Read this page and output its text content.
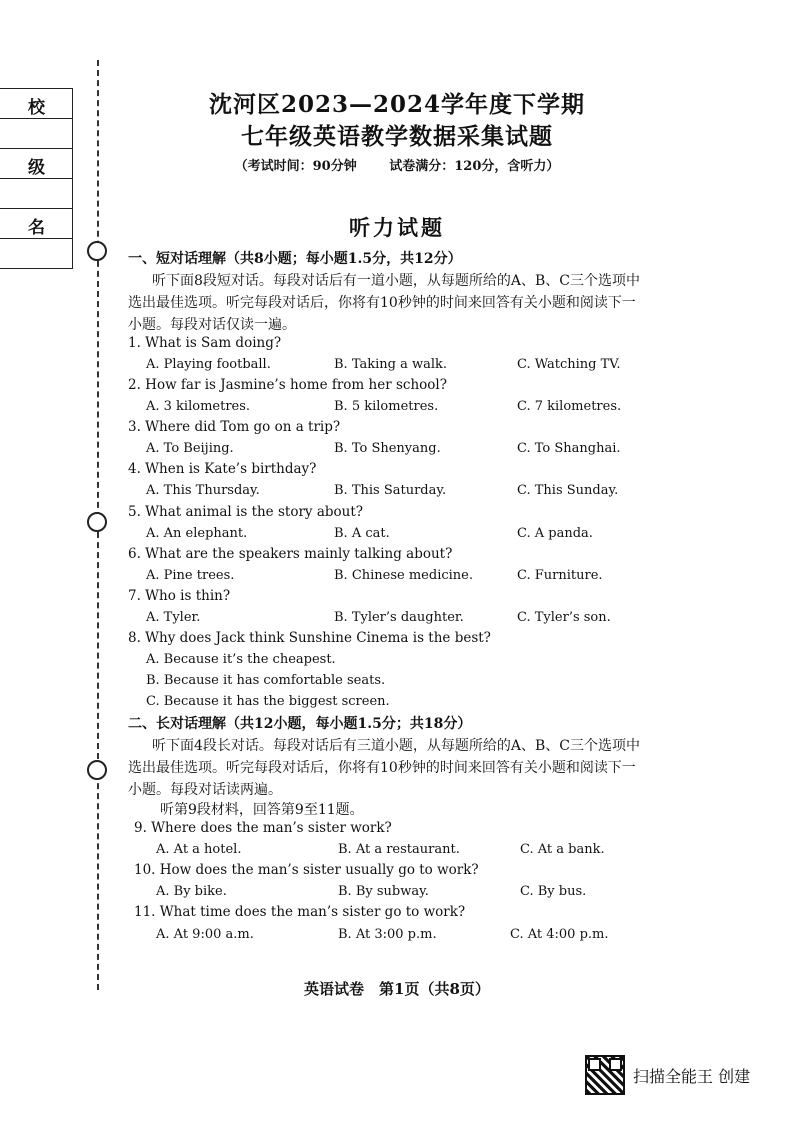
校
级
名
沈河区2023—2024学年度下学期
七年级英语教学数据采集试题
（考试时间：90分钟	试卷满分：120分，含听力）
听力试题
一、短对话理解（共8小题；每小题1.5分，共12分）
听下面8段短对话。每段对话后有一道小题，从每题所给的A、B、C三个选项中
选出最佳选项。听完每段对话后，你将有10秒钟的时间来回答有关小题和阅读下一
小题。每段对话仅读一遍。
1. What is Sam doing?
A. Playing football.	B. Taking a walk.	C. Watching TV.
2. How far is Jasmine’s home from her school?
A. 3 kilometres.	B. 5 kilometres.	C. 7 kilometres.
3. Where did Tom go on a trip?
A. To Beijing.	B. To Shenyang.	C. To Shanghai.
4. When is Kate’s birthday?
A. This Thursday.	B. This Saturday.	C. This Sunday.
5. What animal is the story about?
A. An elephant.	B. A cat.	C. A panda.
6. What are the speakers mainly talking about?
A. Pine trees.	B. Chinese medicine.	C. Furniture.
7. Who is thin?
A. Tyler.	B. Tyler’s daughter.	C. Tyler’s son.
8. Why does Jack think Sunshine Cinema is the best?
A. Because it’s the cheapest.
B. Because it has comfortable seats.
C. Because it has the biggest screen.
二、长对话理解（共12小题，每小题1.5分；共18分）
听下面4段长对话。每段对话后有三道小题，从每题所给的A、B、C三个选项中
选出最佳选项。听完每段对话后，你将有10秒钟的时间来回答有关小题和阅读下一
小题。每段对话读两遍。
听第9段材料，回答第9至11题。
9. Where does the man’s sister work?
A. At a hotel.	B. At a restaurant.	C. At a bank.
10. How does the man’s sister usually go to work?
A. By bike.	B. By subway.	C. By bus.
11. What time does the man’s sister go to work?
A. At 9:00 a.m.	B. At 3:00 p.m.	C. At 4:00 p.m.
英语试卷　第1页（共8页）
扫描全能王 创建
